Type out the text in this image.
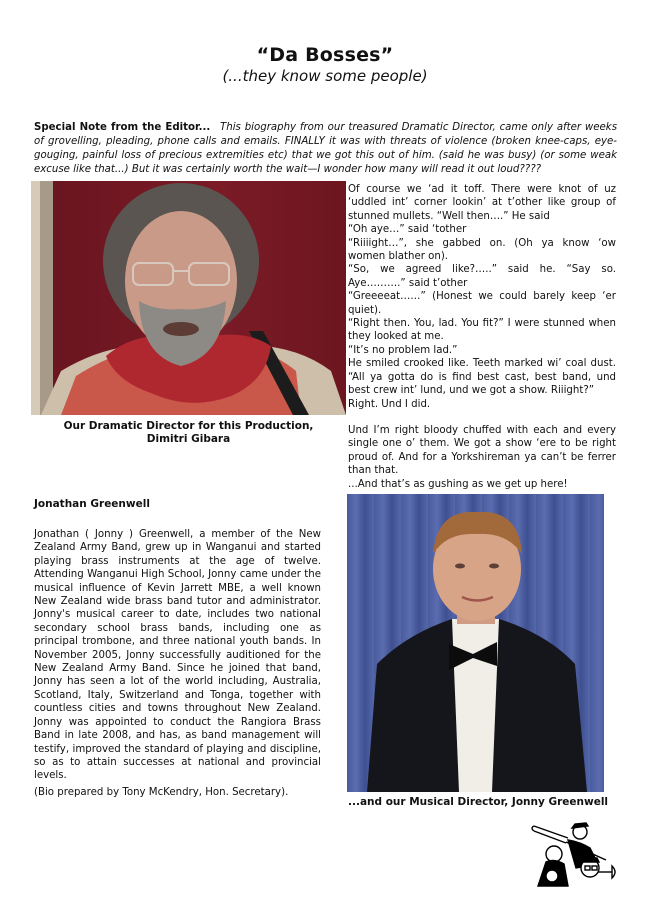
“Da Bosses”
(...they know some people)
Special Note from the Editor... This biography from our treasured Dramatic Director, came only after weeks of grovelling, pleading, phone calls and emails. FINALLY it was with threats of violence (broken knee-caps, eye-gouging, painful loss of precious extremities etc) that we got this out of him. (said he was busy) (or some weak excuse like that...) But it was certainly worth the wait—I wonder how many will read it out loud????
Our Dramatic Director for this Production,
Dimitri Gibara

Of course we ‘ad it toff. There were knot of uz ‘uddled int’ corner lookin’ at t’other like group of stunned mullets. “Well then….” He said

“Oh aye…” said ‘tother

“Riiiight…”, she gabbed on. (Oh ya know ‘ow women blather on).

“So, we agreed like?…..” said he. “Say so. Aye……….” said t’other

“Greeeeat……” (Honest we could barely keep ‘er quiet).

“Right then. You, lad. You fit?” I were stunned when they looked at me.

“It’s no problem lad.”

He smiled crooked like. Teeth marked wi’ coal dust. “All ya gotta do is find best cast, best band, und best crew int’ lund, und we got a show. Riiight?”

Right. Und I did.

Und I’m right bloody chuffed with each and every single one o’ them. We got a show ‘ere to be right proud of. And for a Yorkshireman ya can’t be ferrer than that.

...And that’s as gushing as we get up here!

Jonathan Greenwell
Jonathan ( Jonny ) Greenwell, a member of the New Zealand Army Band, grew up in Wanganui and started playing brass instruments at the age of twelve. Attending Wanganui High School, Jonny came under the musical influence of Kevin Jarrett MBE, a well known New Zealand wide brass band tutor and administrator. Jonny's musical career to date, includes two national secondary school brass bands, including one as principal trombone, and three national youth bands. In November 2005, Jonny successfully auditioned for the New Zealand Army Band. Since he joined that band, Jonny has seen a lot of the world including, Australia, Scotland, Italy, Switzerland and Tonga, together with countless cities and towns throughout New Zealand. Jonny was appointed to conduct the Rangiora Brass Band in late 2008, and has, as band management will testify, improved the standard of playing and discipline, so as to attain successes at national and provincial levels.
(Bio prepared by Tony McKendry, Hon. Secretary).
...and our Musical Director, Jonny Greenwell
